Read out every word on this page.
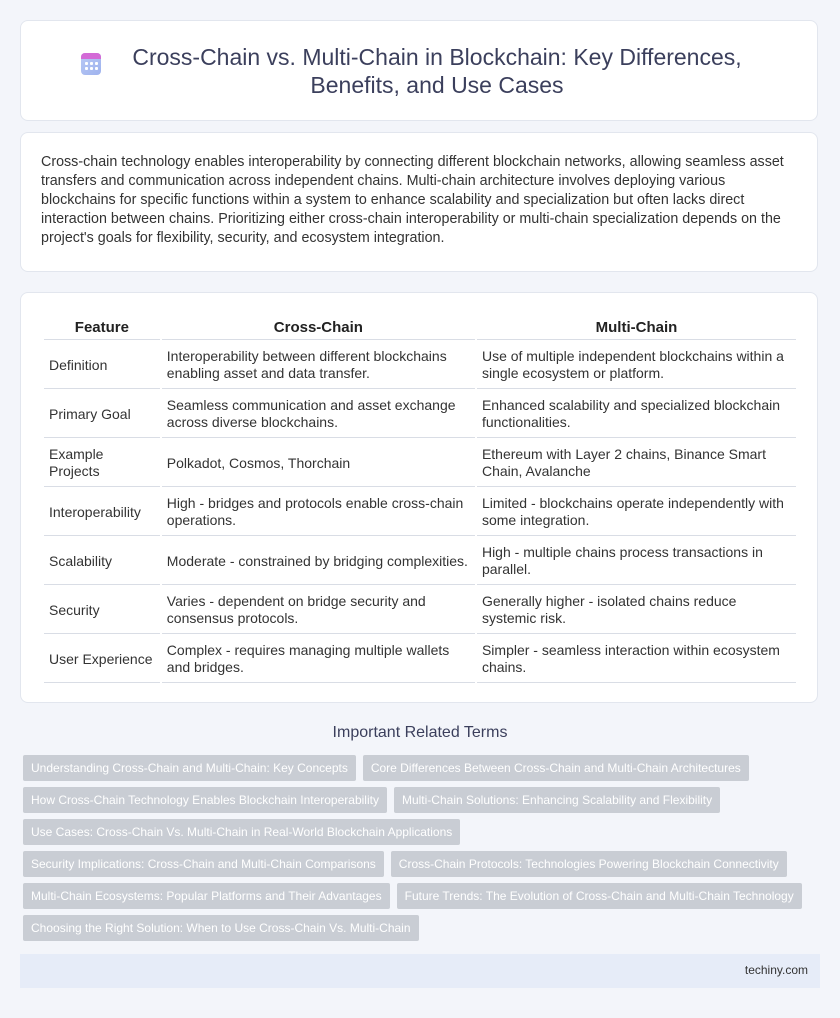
Cross-Chain vs. Multi-Chain in Blockchain: Key Differences, Benefits, and Use Cases

Cross-chain technology enables interoperability by connecting different blockchain networks, allowing seamless asset transfers and communication across independent chains. Multi-chain architecture involves deploying various blockchains for specific functions within a system to enhance scalability and specialization but often lacks direct interaction between chains. Prioritizing either cross-chain interoperability or multi-chain specialization depends on the project's goals for flexibility, security, and ecosystem integration.

Feature	Cross-Chain	Multi-Chain
Definition	Interoperability between different blockchains enabling asset and data transfer.	Use of multiple independent blockchains within a single ecosystem or platform.
Primary Goal	Seamless communication and asset exchange across diverse blockchains.	Enhanced scalability and specialized blockchain functionalities.
Example Projects	Polkadot, Cosmos, Thorchain	Ethereum with Layer 2 chains, Binance Smart Chain, Avalanche
Interoperability	High - bridges and protocols enable cross-chain operations.	Limited - blockchains operate independently with some integration.
Scalability	Moderate - constrained by bridging complexities.	High - multiple chains process transactions in parallel.
Security	Varies - dependent on bridge security and consensus protocols.	Generally higher - isolated chains reduce systemic risk.
User Experience	Complex - requires managing multiple wallets and bridges.	Simpler - seamless interaction within ecosystem chains.
Important Related Terms
Understanding Cross-Chain and Multi-Chain: Key Concepts	Core Differences Between Cross-Chain and Multi-Chain Architectures
How Cross-Chain Technology Enables Blockchain Interoperability	Multi-Chain Solutions: Enhancing Scalability and Flexibility
Use Cases: Cross-Chain Vs. Multi-Chain in Real-World Blockchain Applications
Security Implications: Cross-Chain and Multi-Chain Comparisons	Cross-Chain Protocols: Technologies Powering Blockchain Connectivity
Multi-Chain Ecosystems: Popular Platforms and Their Advantages	Future Trends: The Evolution of Cross-Chain and Multi-Chain Technology
Choosing the Right Solution: When to Use Cross-Chain Vs. Multi-Chain
techiny.com
